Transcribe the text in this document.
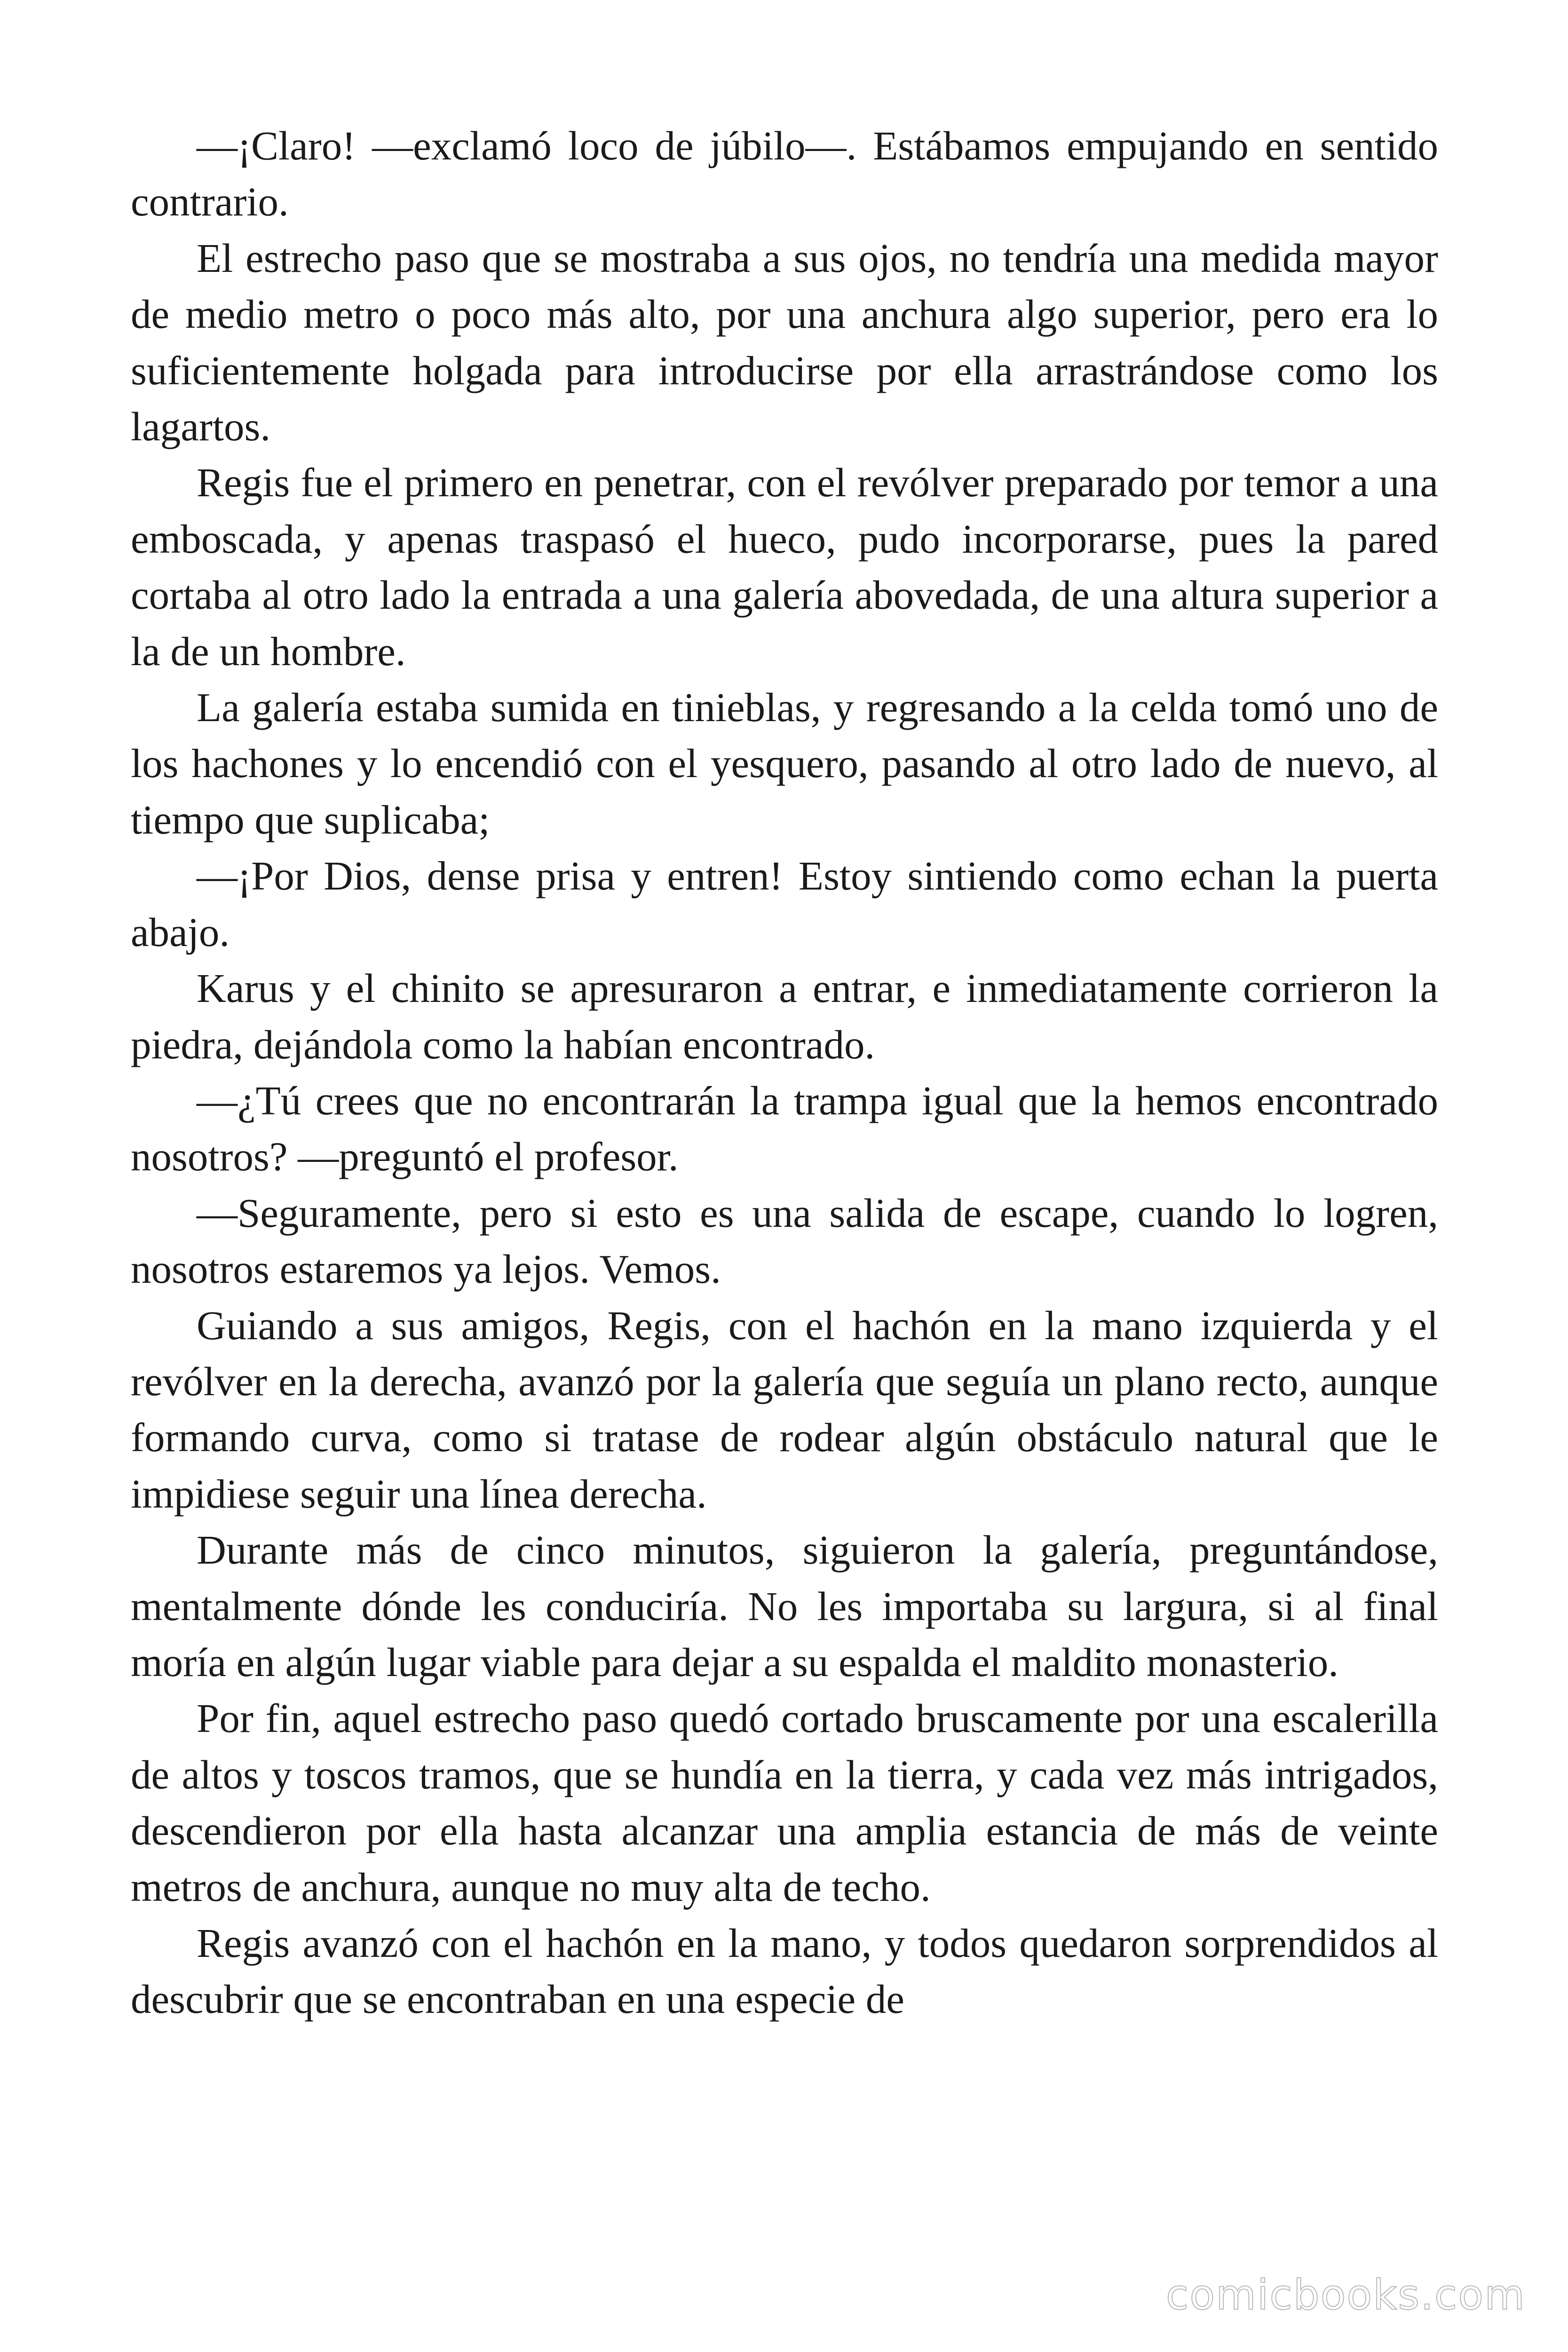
—¡Claro! —exclamó loco de júbilo—. Estábamos empujando en sentido contrario.

El estrecho paso que se mostraba a sus ojos, no tendría una medida mayor de medio metro o poco más alto, por una anchura algo superior, pero era lo suficientemente holgada para introducirse por ella arrastrándose como los lagartos.

Regis fue el primero en penetrar, con el revólver preparado por temor a una emboscada, y apenas traspasó el hueco, pudo incorporarse, pues la pared cortaba al otro lado la entrada a una galería abovedada, de una altura superior a la de un hombre.

La galería estaba sumida en tinieblas, y regresando a la celda tomó uno de los hachones y lo encendió con el yesquero, pasando al otro lado de nuevo, al tiempo que suplicaba;

—¡Por Dios, dense prisa y entren! Estoy sintiendo como echan la puerta abajo.

Karus y el chinito se apresuraron a entrar, e inmediatamente corrieron la piedra, dejándola como la habían encontrado.

—¿Tú crees que no encontrarán la trampa igual que la hemos encontrado nosotros? —preguntó el profesor.

—Seguramente, pero si esto es una salida de escape, cuando lo logren, nosotros estaremos ya lejos. Vemos.

Guiando a sus amigos, Regis, con el hachón en la mano izquierda y el revólver en la derecha, avanzó por la galería que seguía un plano recto, aunque formando curva, como si tratase de rodear algún obstáculo natural que le impidiese seguir una línea derecha.

Durante más de cinco minutos, siguieron la galería, preguntándose, mentalmente dónde les conduciría. No les importaba su largura, si al final moría en algún lugar viable para dejar a su espalda el maldito monasterio.

Por fin, aquel estrecho paso quedó cortado bruscamente por una escalerilla de altos y toscos tramos, que se hundía en la tierra, y cada vez más intrigados, descendieron por ella hasta alcanzar una amplia estancia de más de veinte metros de anchura, aunque no muy alta de techo.

Regis avanzó con el hachón en la mano, y todos quedaron sorprendidos al descubrir que se encontraban en una especie de

comicbooks.com
